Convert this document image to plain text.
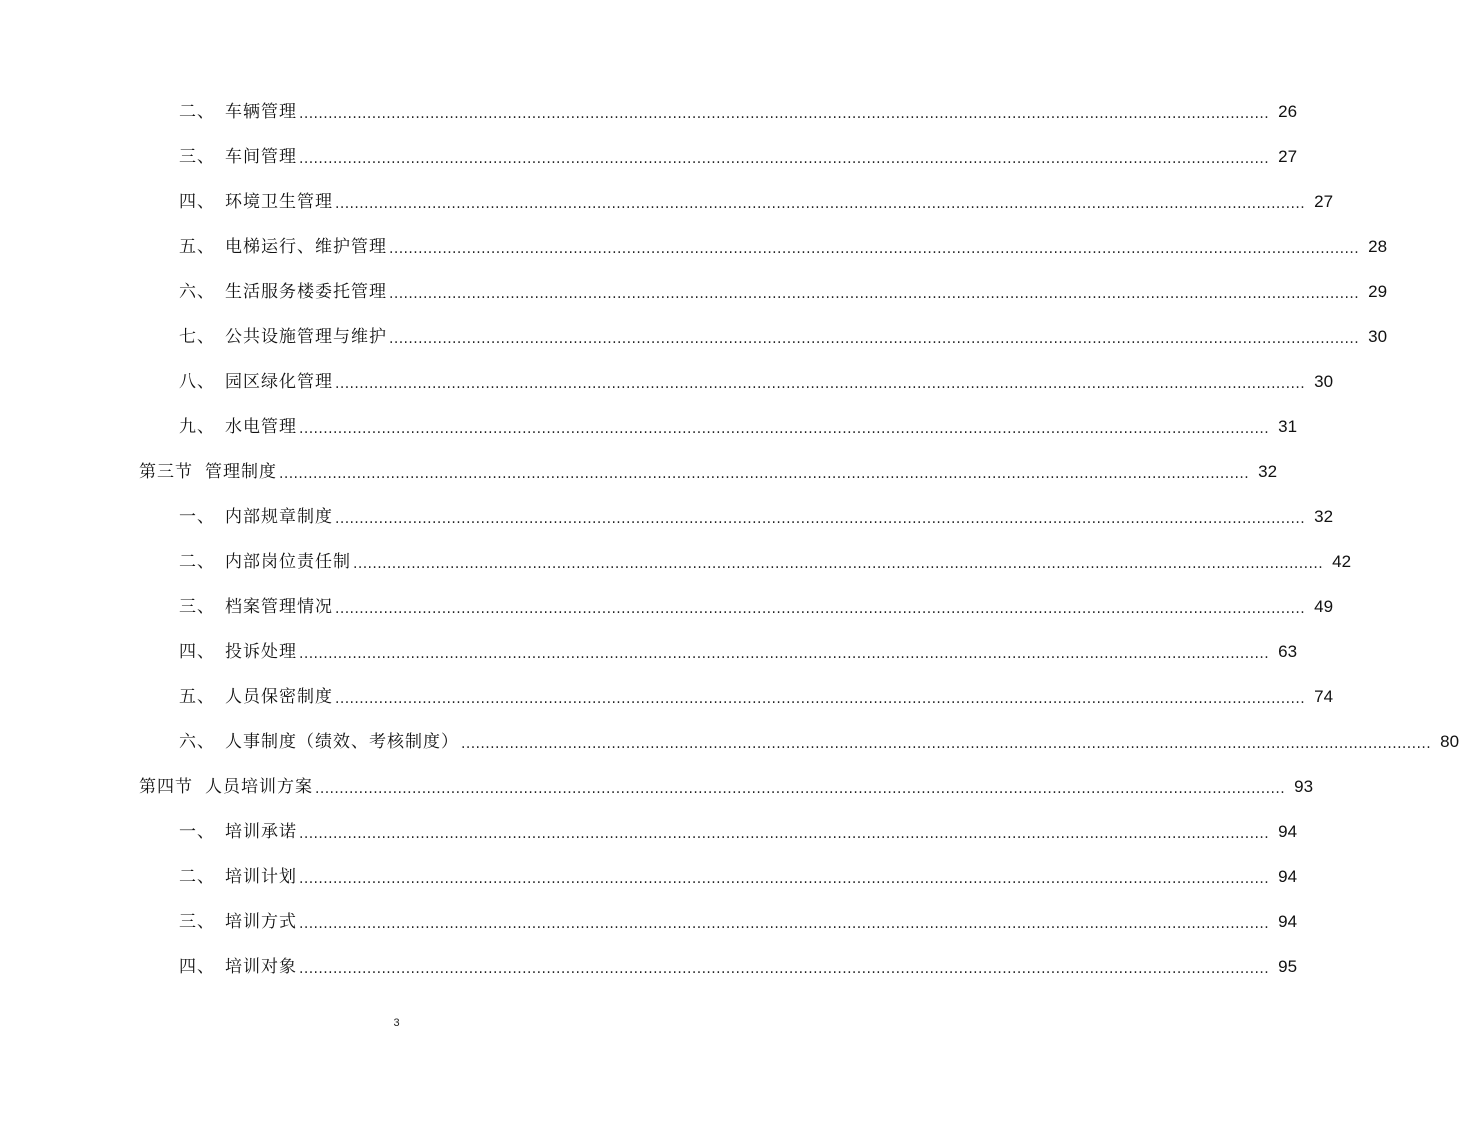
二、 车辆管理 ........................................................................................................................................................................................................ 26
三、 车间管理 ........................................................................................................................................................................................................ 27
四、 环境卫生管理 ........................................................................................................................................................................................................ 27
五、 电梯运行、维护管理 ........................................................................................................................................................................................................ 28
六、 生活服务楼委托管理 ........................................................................................................................................................................................................ 29
七、 公共设施管理与维护 ........................................................................................................................................................................................................ 30
八、 园区绿化管理 ........................................................................................................................................................................................................ 30
九、 水电管理 ........................................................................................................................................................................................................ 31
第三节 管理制度 ........................................................................................................................................................................................................ 32
一、 内部规章制度 ........................................................................................................................................................................................................ 32
二、 内部岗位责任制 ........................................................................................................................................................................................................ 42
三、 档案管理情况 ........................................................................................................................................................................................................ 49
四、 投诉处理 ........................................................................................................................................................................................................ 63
五、 人员保密制度 ........................................................................................................................................................................................................ 74
六、 人事制度（绩效、考核制度） ........................................................................................................................................................................................................ 80
第四节 人员培训方案 ........................................................................................................................................................................................................ 93
一、 培训承诺 ........................................................................................................................................................................................................ 94
二、 培训计划 ........................................................................................................................................................................................................ 94
三、 培训方式 ........................................................................................................................................................................................................ 94
四、 培训对象 ........................................................................................................................................................................................................ 95
3
